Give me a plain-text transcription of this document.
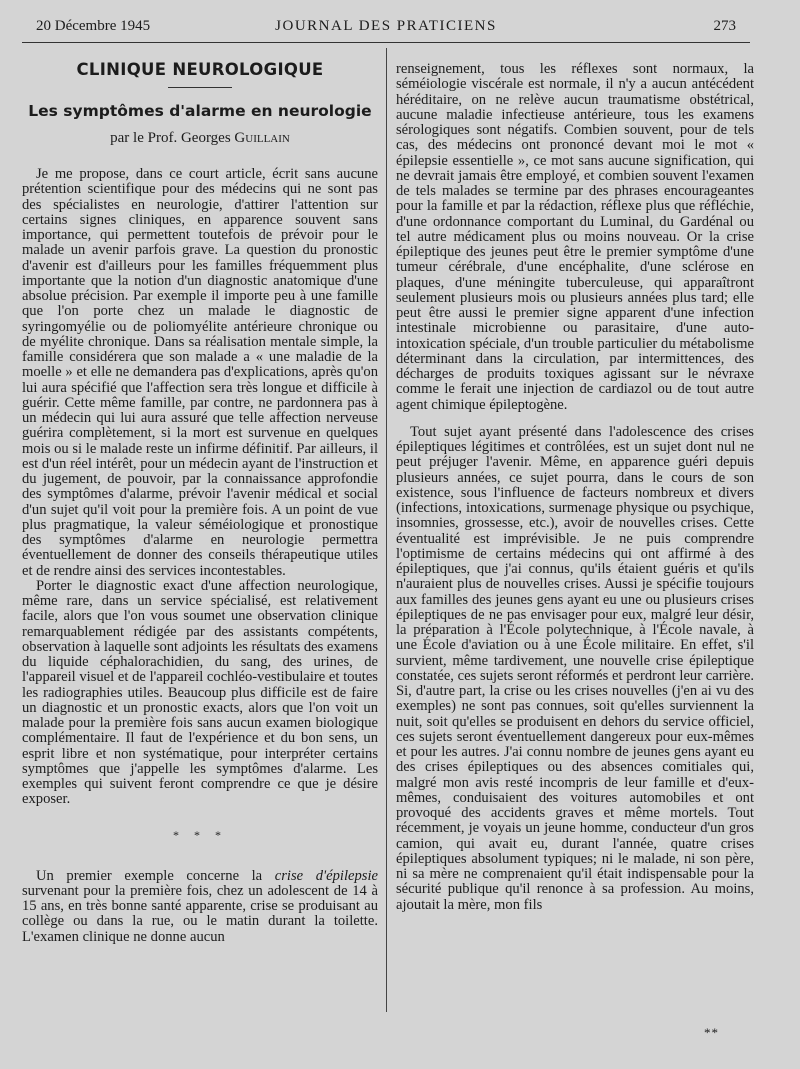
20 Décembre 1945	JOURNAL DES PRATICIENS	273
CLINIQUE NEUROLOGIQUE
Les symptômes d'alarme en neurologie
par le Prof. Georges Guillain

Je me propose, dans ce court article, écrit sans aucune prétention scientifique pour des médecins qui ne sont pas des spécialistes en neurologie, d'attirer l'attention sur certains signes cliniques, en apparence souvent sans importance, qui permettent toutefois de prévoir pour le malade un avenir parfois grave. La question du pronostic d'avenir est d'ailleurs pour les familles fréquemment plus importante que la notion d'un diagnostic anatomique d'une absolue précision. Par exemple il importe peu à une famille que l'on porte chez un malade le diagnostic de syringomyélie ou de poliomyélite antérieure chronique ou de myélite chronique. Dans sa réalisation mentale simple, la famille considérera que son malade a « une maladie de la moelle » et elle ne demandera pas d'explications, après qu'on lui aura spécifié que l'affection sera très longue et difficile à guérir. Cette même famille, par contre, ne pardonnera pas à un médecin qui lui aura assuré que telle affection nerveuse guérira complètement, si la mort est survenue en quelques mois ou si le malade reste un infirme définitif. Par ailleurs, il est d'un réel intérêt, pour un médecin ayant de l'instruction et du jugement, de pouvoir, par la connaissance approfondie des symptômes d'alarme, prévoir l'avenir médical et social d'un sujet qu'il voit pour la première fois. A un point de vue plus pragmatique, la valeur séméiologique et pronostique des symptômes d'alarme en neurologie permettra éventuellement de donner des conseils thérapeutique utiles et de rendre ainsi des services incontestables.

Porter le diagnostic exact d'une affection neurologique, même rare, dans un service spécialisé, est relativement facile, alors que l'on vous soumet une observation clinique remarquablement rédigée par des assistants compétents, observation à laquelle sont adjoints les résultats des examens du liquide céphalorachidien, du sang, des urines, de l'appareil visuel et de l'appareil cochléo-vestibulaire et toutes les radiographies utiles. Beaucoup plus difficile est de faire un diagnostic et un pronostic exacts, alors que l'on voit un malade pour la première fois sans aucun examen biologique complémentaire. Il faut de l'expérience et du bon sens, un esprit libre et non systématique, pour interpréter certains symptômes que j'appelle les symptômes d'alarme. Les exemples qui suivent feront comprendre ce que je désire exposer.

* * *

Un premier exemple concerne la crise d'épilepsie survenant pour la première fois, chez un adolescent de 14 à 15 ans, en très bonne santé apparente, crise se produisant au collège ou dans la rue, ou le matin durant la toilette. L'examen clinique ne donne aucun

renseignement, tous les réflexes sont normaux, la séméiologie viscérale est normale, il n'y a aucun antécédent héréditaire, on ne relève aucun traumatisme obstétrical, aucune maladie infectieuse antérieure, tous les examens sérologiques sont négatifs. Combien souvent, pour de tels cas, des médecins ont prononcé devant moi le mot « épilepsie essentielle », ce mot sans aucune signification, qui ne devrait jamais être employé, et combien souvent l'examen de tels malades se termine par des phrases encourageantes pour la famille et par la rédaction, réflexe plus que réfléchie, d'une ordonnance comportant du Luminal, du Gardénal ou tel autre médicament plus ou moins nouveau. Or la crise épileptique des jeunes peut être le premier symptôme d'une tumeur cérébrale, d'une encéphalite, d'une sclérose en plaques, d'une méningite tuberculeuse, qui apparaîtront seulement plusieurs mois ou plusieurs années plus tard; elle peut être aussi le premier signe apparent d'une infection intestinale microbienne ou parasitaire, d'une auto-intoxication spéciale, d'un trouble particulier du métabolisme déterminant dans la circulation, par intermittences, des décharges de produits toxiques agissant sur le névraxe comme le ferait une injection de cardiazol ou de tout autre agent chimique épileptogène.

Tout sujet ayant présenté dans l'adolescence des crises épileptiques légitimes et contrôlées, est un sujet dont nul ne peut préjuger l'avenir. Même, en apparence guéri depuis plusieurs années, ce sujet pourra, dans le cours de son existence, sous l'influence de facteurs nombreux et divers (infections, intoxications, surmenage physique ou psychique, insomnies, grossesse, etc.), avoir de nouvelles crises. Cette éventualité est imprévisible. Je ne puis comprendre l'optimisme de certains médecins qui ont affirmé à des épileptiques, que j'ai connus, qu'ils étaient guéris et qu'ils n'auraient plus de nouvelles crises. Aussi je spécifie toujours aux familles des jeunes gens ayant eu une ou plusieurs crises épileptiques de ne pas envisager pour eux, malgré leur désir, la préparation à l'École polytechnique, à l'École navale, à une École d'aviation ou à une École militaire. En effet, s'il survient, même tardivement, une nouvelle crise épileptique constatée, ces sujets seront réformés et perdront leur carrière. Si, d'autre part, la crise ou les crises nouvelles (j'en ai vu des exemples) ne sont pas connues, soit qu'elles surviennent la nuit, soit qu'elles se produisent en dehors du service officiel, ces sujets seront éventuellement dangereux pour eux-mêmes et pour les autres. J'ai connu nombre de jeunes gens ayant eu des crises épileptiques ou des absences comitiales qui, malgré mon avis resté incompris de leur famille et d'eux-mêmes, conduisaient des voitures automobiles et ont provoqué des accidents graves et même mortels. Tout récemment, je voyais un jeune homme, conducteur d'un gros camion, qui avait eu, durant l'année, quatre crises épileptiques absolument typiques; ni le malade, ni son père, ni sa mère ne comprenaient qu'il était indispensable pour la sécurité publique qu'il renonce à sa profession. Au moins, ajoutait la mère, mon fils

**
